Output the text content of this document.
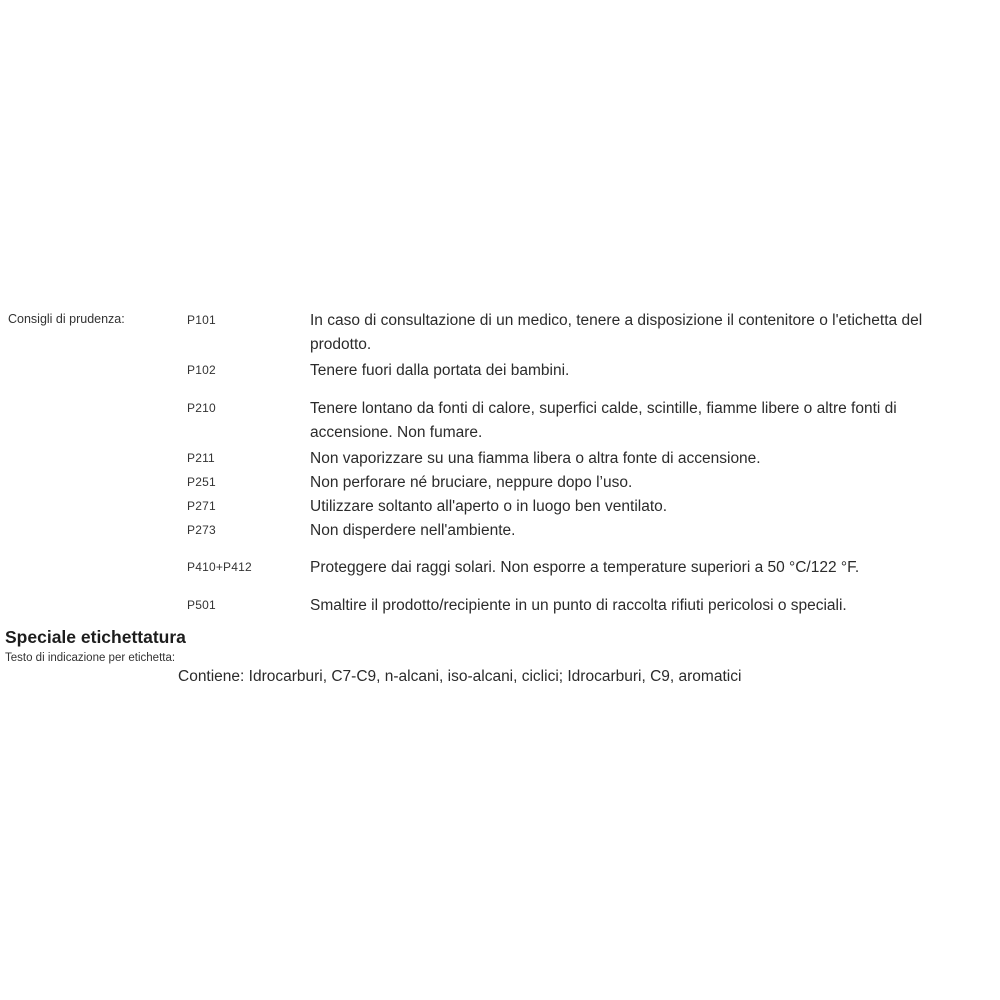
Consigli di prudenza:	P101	In caso di consultazione di un medico, tenere a disposizione il contenitore o l'etichetta del prodotto.
P102	Tenere fuori dalla portata dei bambini.
P210	Tenere lontano da fonti di calore, superfici calde, scintille, fiamme libere o altre fonti di accensione. Non fumare.
P211	Non vaporizzare su una fiamma libera o altra fonte di accensione.
P251	Non perforare né bruciare, neppure dopo l’uso.
P271	Utilizzare soltanto all'aperto o in luogo ben ventilato.
P273	Non disperdere nell'ambiente.
P410+P412	Proteggere dai raggi solari. Non esporre a temperature superiori a 50 °C/122 °F.
P501	Smaltire il prodotto/recipiente in un punto di raccolta rifiuti pericolosi o speciali.
Speciale etichettatura
Testo di indicazione per etichetta:
Contiene: Idrocarburi, C7-C9, n-alcani, iso-alcani, ciclici; Idrocarburi, C9, aromatici
